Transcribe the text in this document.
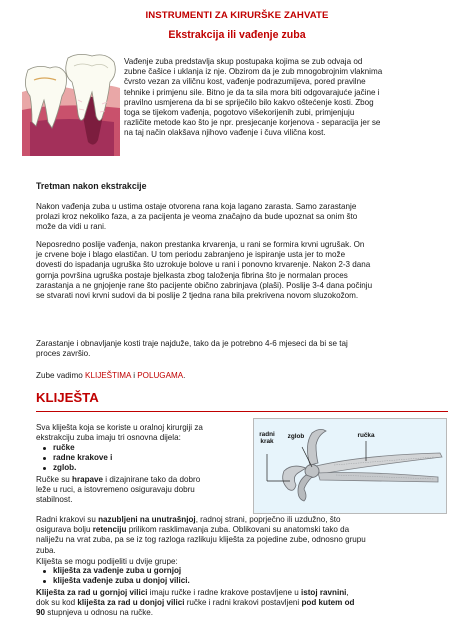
INSTRUMENTI ZA KIRURŠKE ZAHVATE
Ekstrakcija ili vađenje zuba

Vađenje zuba predstavlja skup postupaka kojima se zub odvaja od

zubne čašice i uklanja iz nje. Obzirom da je zub mnogobrojnim vlaknima

čvrsto vezan za viličnu kost, vađenje podrazumijeva, pored pravilne

tehnike i primjenu sile. Bitno je da ta sila mora biti odgovarajuće jačine i

pravilno usmjerena da bi se spriječilo bilo kakvo oštećenje kosti. Zbog

toga se tijekom vađenja, pogotovo višekorijenih zubi, primjenjuju

različite metode kao što je npr. presjecanje korjenova - separacija jer se

na taj način olakšava njihovo vađenje i čuva vilična kost.

Tretman nakon ekstrakcije

Nakon vađenja zuba u ustima ostaje otvorena rana koja lagano zarasta. Samo zarastanje

prolazi kroz nekoliko faza, a za pacijenta je veoma značajno da bude upoznat sa onim što

može da vidi u rani.

Neposredno poslije vađenja, nakon prestanka krvarenja, u rani se formira krvni ugrušak. On

je crvene boje i blago elastičan. U tom periodu zabranjeno je ispiranje usta jer to može

dovesti do ispadanja ugruška što uzrokuje bolove u rani i ponovno krvarenje. Nakon 2-3 dana

gornja površina ugruška postaje bjelkasta zbog taloženja fibrina što je normalan proces

zarastanja a ne gnjojenje rane što pacijente obično zabrinjava (plaši). Poslije 3-4 dana počinju

se stvarati novi krvni sudovi da bi poslije 2 tjedna rana bila prekrivena novom sluzokožom.

Zarastanje i obnavljanje kosti traje najduže, tako da je potrebno 4-6 mjeseci da bi se taj

proces završio.

Zube vadimo KLIJEŠTIMA i POLUGAMA.
KLIJEŠTA

Sva kliješta koja se koriste u oralnoj kirurgiji za

ekstrakciju zuba imaju tri osnovna dijela:

ručke
radne krakove i
zglob.

Ručke su hrapave i dizajnirane tako da dobro

leže u ruci, a istovremeno osiguravaju dobru

stabilnost.

radni
krak
zglob	ručka

Radni krakovi su nazubljeni na unutrašnjoj, radnoj strani, poprječno ili uzdužno, što

osigurava bolju retenciju prilikom rasklimavanja zuba. Oblikovani su anatomski tako da

naliježu na vrat zuba, pa se iz tog razloga razlikuju kliješta za pojedine zube, odnosno grupu

zuba.

Kliješta se mogu podijeliti u dvije grupe:
kliješta za vađenje zuba u gornjoj
kliješta vađenje zuba u donjoj vilici.

Kliješta za rad u gornjoj vilici imaju ručke i radne krakove postavljene u istoj ravnini,

dok su kod kliješta za rad u donjoj vilici ručke i radni krakovi postavljeni pod kutem od

90 stupnjeva u odnosu na ručke.
